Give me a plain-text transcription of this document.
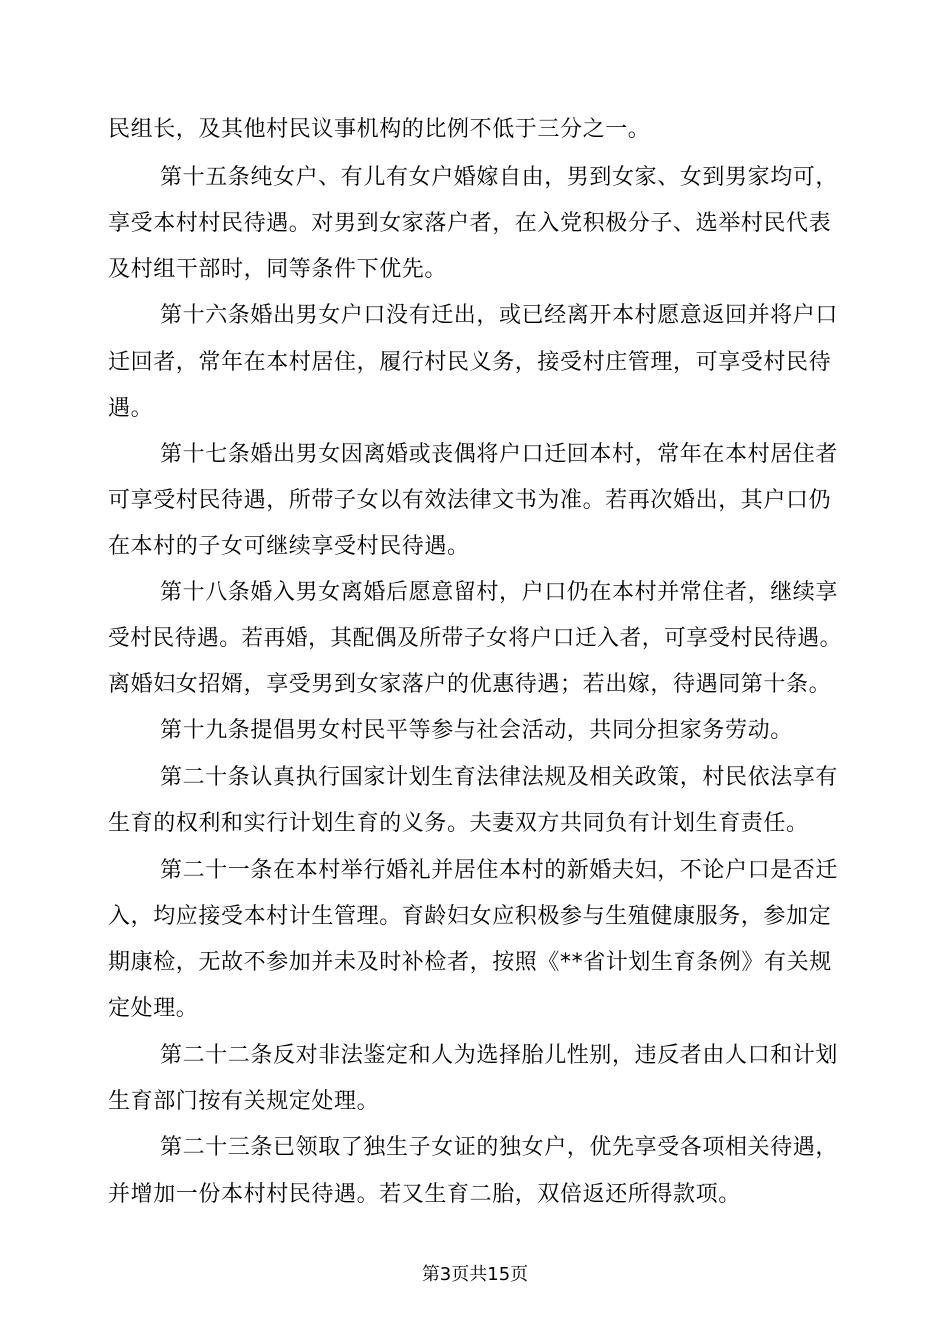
民组长，及其他村民议事机构的比例不低于三分之一。
第十五条纯女户、有儿有女户婚嫁自由，男到女家、女到男家均可，
享受本村村民待遇。对男到女家落户者，在入党积极分子、选举村民代表
及村组干部时，同等条件下优先。
第十六条婚出男女户口没有迁出，或已经离开本村愿意返回并将户口
迁回者，常年在本村居住，履行村民义务，接受村庄管理，可享受村民待
遇。
第十七条婚出男女因离婚或丧偶将户口迁回本村，常年在本村居住者
可享受村民待遇，所带子女以有效法律文书为准。若再次婚出，其户口仍
在本村的子女可继续享受村民待遇。
第十八条婚入男女离婚后愿意留村，户口仍在本村并常住者，继续享
受村民待遇。若再婚，其配偶及所带子女将户口迁入者，可享受村民待遇。
离婚妇女招婿，享受男到女家落户的优惠待遇；若出嫁，待遇同第十条。
第十九条提倡男女村民平等参与社会活动，共同分担家务劳动。
第二十条认真执行国家计划生育法律法规及相关政策，村民依法享有
生育的权利和实行计划生育的义务。夫妻双方共同负有计划生育责任。
第二十一条在本村举行婚礼并居住本村的新婚夫妇，不论户口是否迁
入，均应接受本村计生管理。育龄妇女应积极参与生殖健康服务，参加定
期康检，无故不参加并未及时补检者，按照《**省计划生育条例》有关规
定处理。
第二十二条反对非法鉴定和人为选择胎儿性别，违反者由人口和计划
生育部门按有关规定处理。
第二十三条已领取了独生子女证的独女户，优先享受各项相关待遇，
并增加一份本村村民待遇。若又生育二胎，双倍返还所得款项。
第3页共15页
